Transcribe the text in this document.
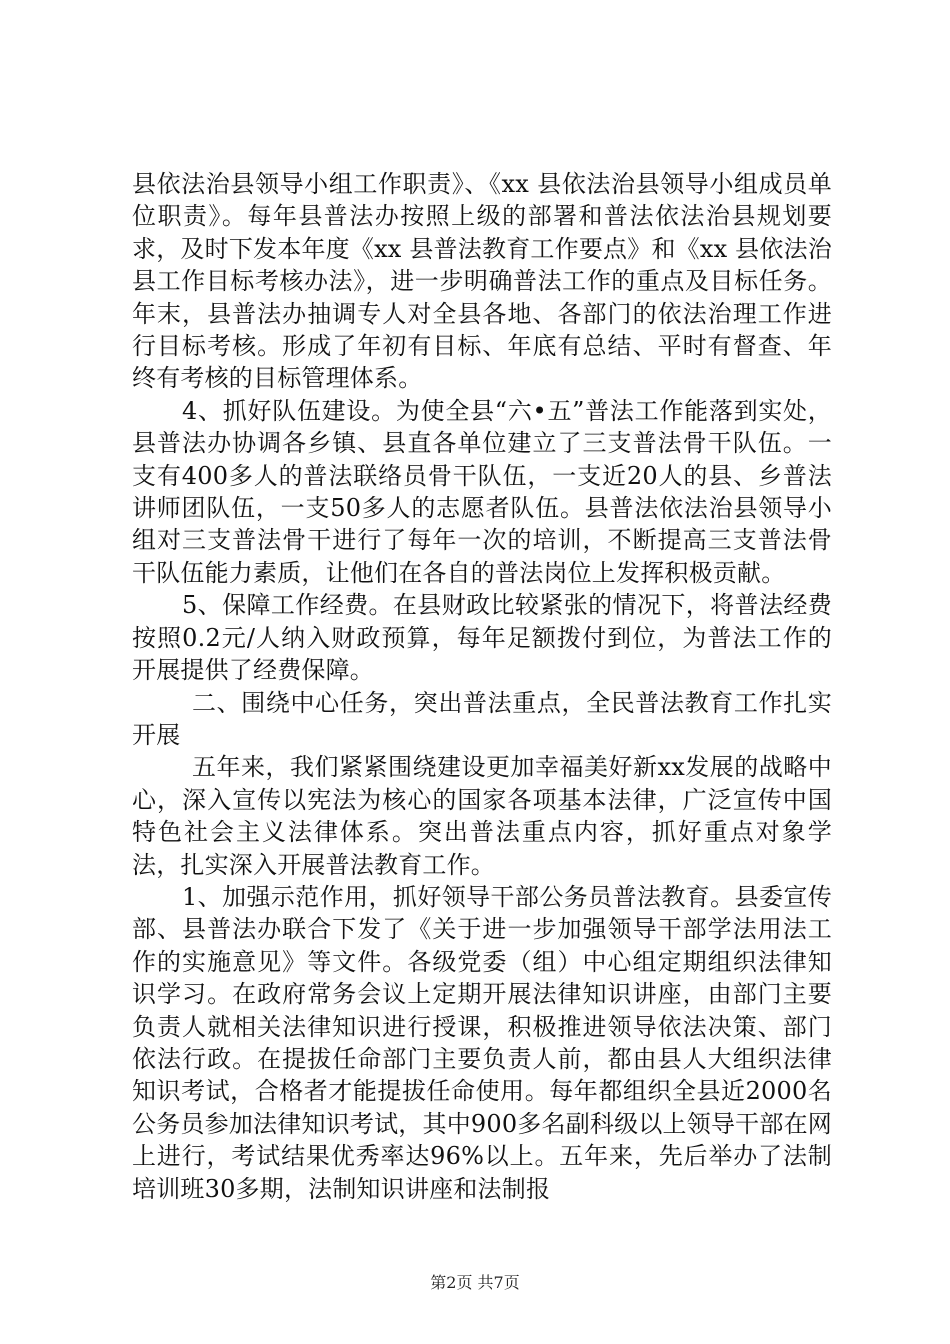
县依法治县领导小组工作职责》、《xx 县依法治县领导小组成员单位职责》。每年县普法办按照上级的部署和普法依法治县规划要求，及时下发本年度《xx 县普法教育工作要点》和《xx 县依法治县工作目标考核办法》，进一步明确普法工作的重点及目标任务。年末，县普法办抽调专人对全县各地、各部门的依法治理工作进行目标考核。形成了年初有目标、年底有总结、平时有督查、年终有考核的目标管理体系。

4、抓好队伍建设。为使全县“六•五”普法工作能落到实处，县普法办协调各乡镇、县直各单位建立了三支普法骨干队伍。一支有400多人的普法联络员骨干队伍，一支近20人的县、乡普法讲师团队伍，一支50多人的志愿者队伍。县普法依法治县领导小组对三支普法骨干进行了每年一次的培训，不断提高三支普法骨干队伍能力素质，让他们在各自的普法岗位上发挥积极贡献。

5、保障工作经费。在县财政比较紧张的情况下，将普法经费按照0.2元/人纳入财政预算，每年足额拨付到位，为普法工作的开展提供了经费保障。

二、围绕中心任务，突出普法重点，全民普法教育工作扎实开展

五年来，我们紧紧围绕建设更加幸福美好新xx发展的战略中心，深入宣传以宪法为核心的国家各项基本法律，广泛宣传中国特色社会主义法律体系。突出普法重点内容，抓好重点对象学法，扎实深入开展普法教育工作。

1、加强示范作用，抓好领导干部公务员普法教育。县委宣传部、县普法办联合下发了《关于进一步加强领导干部学法用法工作的实施意见》等文件。各级党委（组）中心组定期组织法律知识学习。在政府常务会议上定期开展法律知识讲座，由部门主要负责人就相关法律知识进行授课，积极推进领导依法决策、部门依法行政。在提拔任命部门主要负责人前，都由县人大组织法律知识考试，合格者才能提拔任命使用。每年都组织全县近2000名公务员参加法律知识考试，其中900多名副科级以上领导干部在网上进行，考试结果优秀率达96%以上。五年来，先后举办了法制培训班30多期，法制知识讲座和法制报

第2页 共7页
